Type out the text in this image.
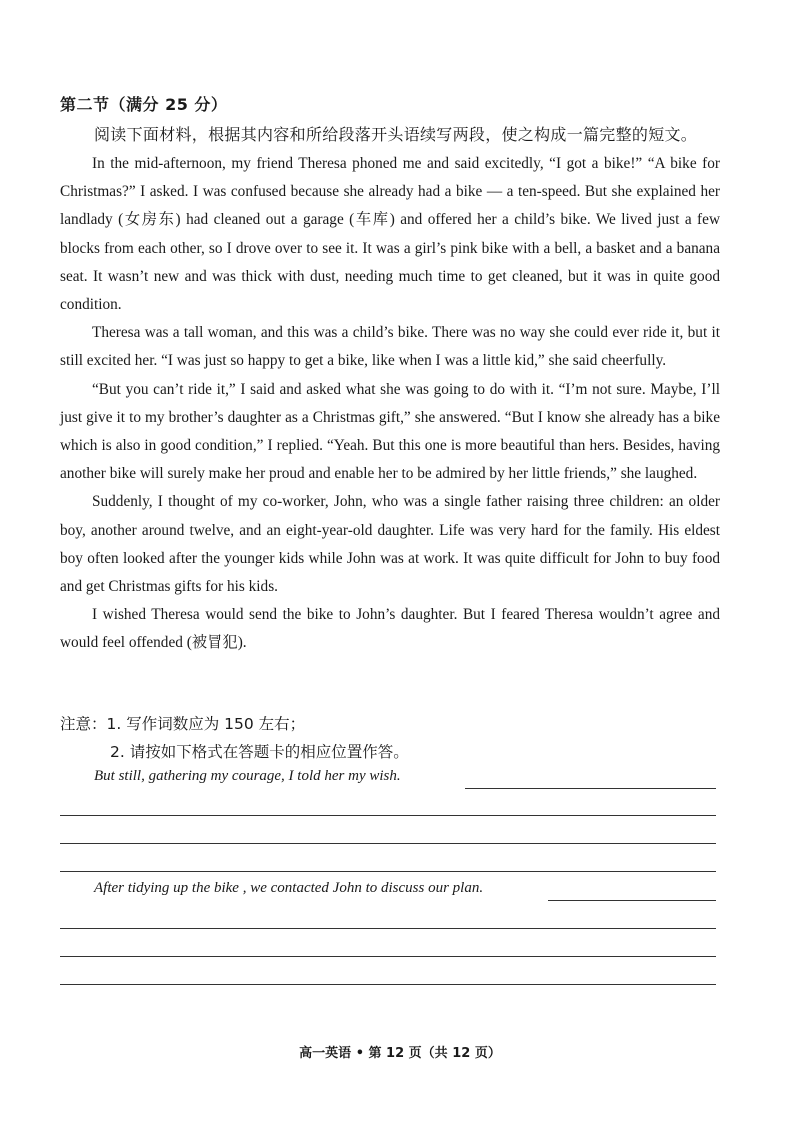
第二节（满分 25 分）
阅读下面材料，根据其内容和所给段落开头语续写两段，使之构成一篇完整的短文。

In the mid-afternoon, my friend Theresa phoned me and said excitedly, “I got a bike!” “A bike for Christmas?” I asked. I was confused because she already had a bike — a ten-speed. But she explained her landlady (女房东) had cleaned out a garage (车库) and offered her a child’s bike. We lived just a few blocks from each other, so I drove over to see it. It was a girl’s pink bike with a bell, a basket and a banana seat. It wasn’t new and was thick with dust, needing much time to get cleaned, but it was in quite good condition.

Theresa was a tall woman, and this was a child’s bike. There was no way she could ever ride it, but it still excited her. “I was just so happy to get a bike, like when I was a little kid,” she said cheerfully.

“But you can’t ride it,” I said and asked what she was going to do with it. “I’m not sure. Maybe, I’ll just give it to my brother’s daughter as a Christmas gift,” she answered. “But I know she already has a bike which is also in good condition,” I replied. “Yeah. But this one is more beautiful than hers. Besides, having another bike will surely make her proud and enable her to be admired by her little friends,” she laughed.

Suddenly, I thought of my co-worker, John, who was a single father raising three children: an older boy, another around twelve, and an eight-year-old daughter. Life was very hard for the family. His eldest boy often looked after the younger kids while John was at work. It was quite difficult for John to buy food and get Christmas gifts for his kids.

I wished Theresa would send the bike to John’s daughter. But I feared Theresa wouldn’t agree and would feel offended (被冒犯).

注意：1. 写作词数应为 150 左右；
2. 请按如下格式在答题卡的相应位置作答。
But still, gathering my courage, I told her my wish.
After tidying up the bike , we contacted John to discuss our plan.
高一英语 • 第 12 页（共 12 页）
